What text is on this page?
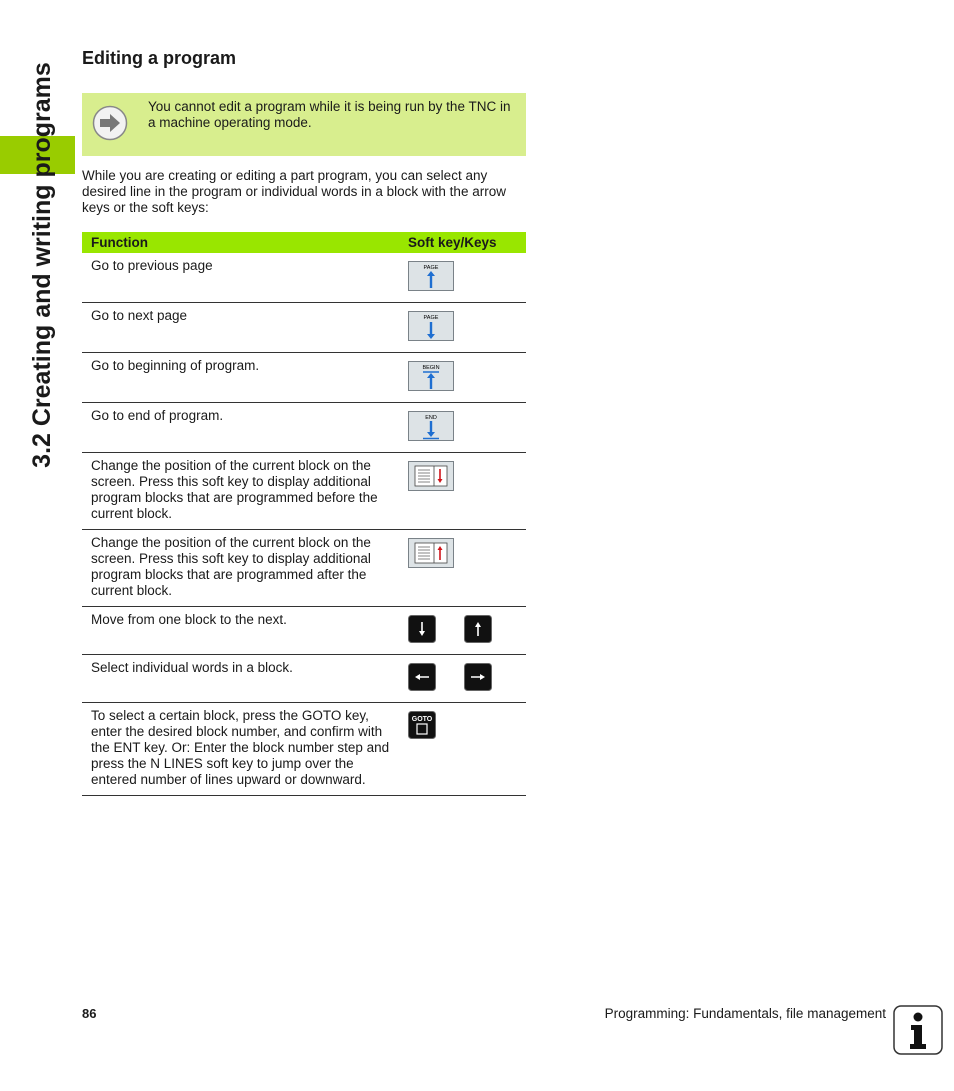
3.2 Creating and writing programs
Editing a program
You cannot edit a program while it is being run by the TNC in a machine operating mode.
While you are creating or editing a part program, you can select any desired line in the program or individual words in a block with the arrow keys or the soft keys:
Function	Soft key/Keys
Go to previous page	PAGE

Go to next page	PAGE

Go to beginning of program.	BEGIN

Go to end of program.	END

Change the position of the current block on the screen. Press this soft key to display additional program blocks that are programmed before the current block.	
Change the position of the current block on the screen. Press this soft key to display additional program blocks that are programmed after the current block.	
Move from one block to the next.	
Select individual words in a block.	
To select a certain block, press the GOTO key, enter the desired block number, and confirm with the ENT key. Or: Enter the block number step and press the N LINES soft key to jump over the entered number of lines upward or downward.	GOTO
86	Programming: Fundamentals, file management
